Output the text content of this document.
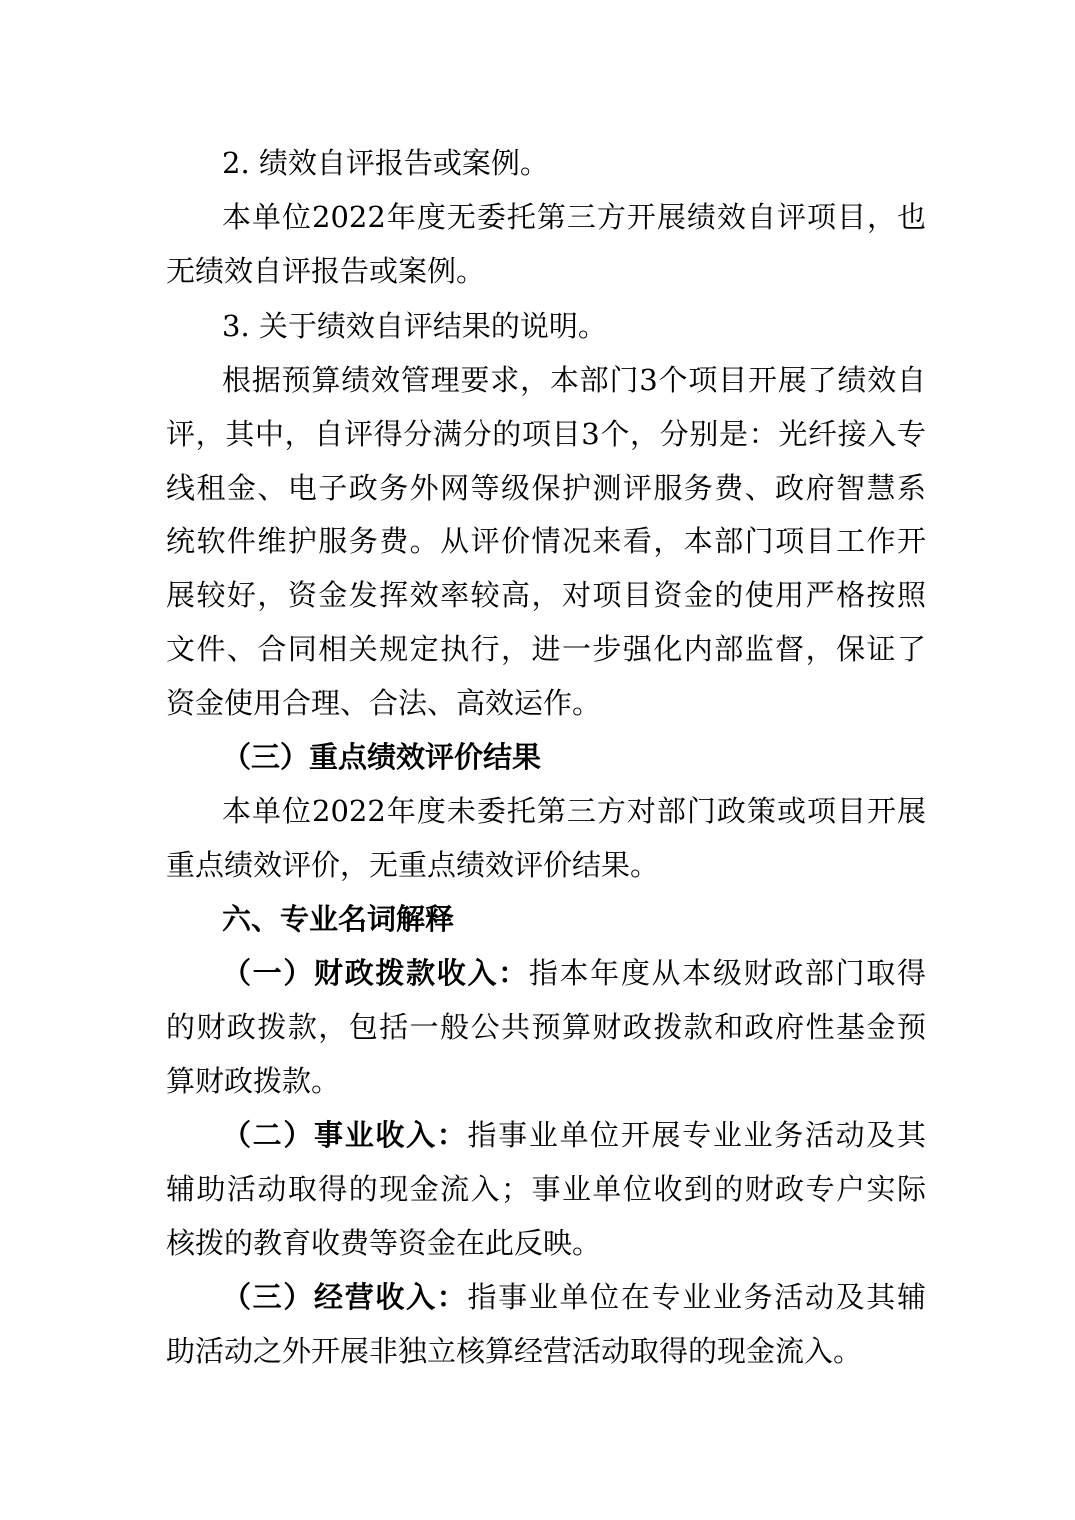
2. 绩效自评报告或案例。
本单位2022年度无委托第三方开展绩效自评项目，也
无绩效自评报告或案例。
3. 关于绩效自评结果的说明。
根据预算绩效管理要求，本部门3个项目开展了绩效自
评，其中，自评得分满分的项目3个，分别是：光纤接入专
线租金、电子政务外网等级保护测评服务费、政府智慧系
统软件维护服务费。从评价情况来看，本部门项目工作开
展较好，资金发挥效率较高，对项目资金的使用严格按照
文件、合同相关规定执行，进一步强化内部监督，保证了
资金使用合理、合法、高效运作。
（三）重点绩效评价结果
本单位2022年度未委托第三方对部门政策或项目开展
重点绩效评价，无重点绩效评价结果。
六、专业名词解释
（一）财政拨款收入：指本年度从本级财政部门取得
的财政拨款，包括一般公共预算财政拨款和政府性基金预
算财政拨款。
（二）事业收入：指事业单位开展专业业务活动及其
辅助活动取得的现金流入；事业单位收到的财政专户实际
核拨的教育收费等资金在此反映。
（三）经营收入：指事业单位在专业业务活动及其辅
助活动之外开展非独立核算经营活动取得的现金流入。
